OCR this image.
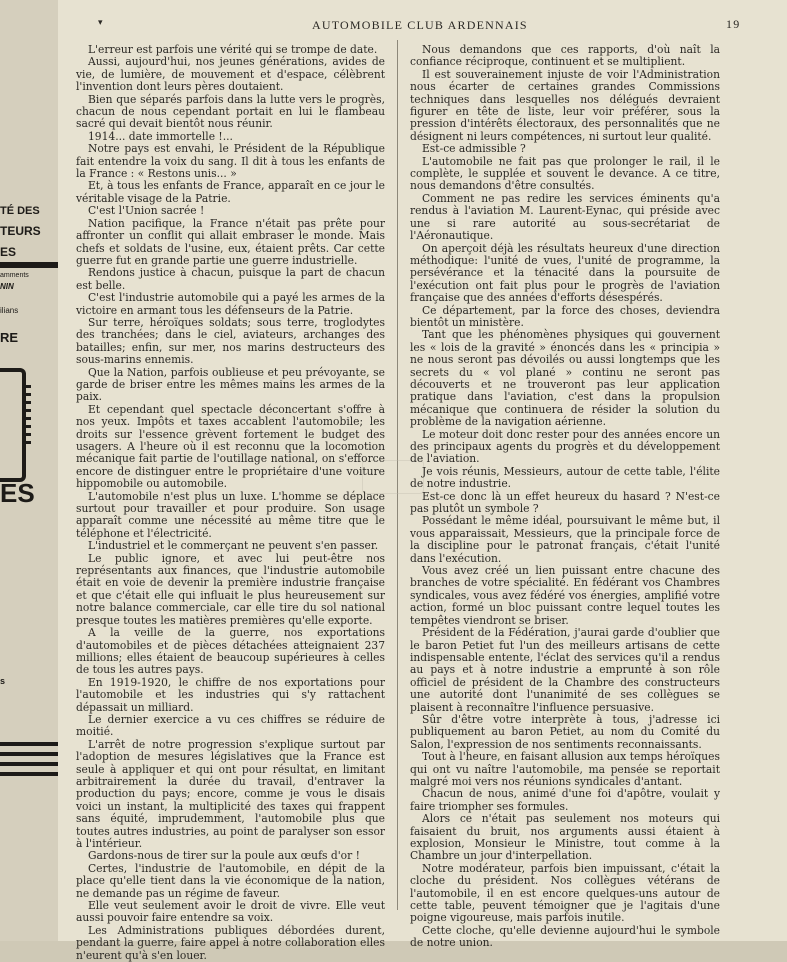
TÉ DES
TEURS
ES
amments
NIN
ilians
RE
ES
s
▾	AUTOMOBILE CLUB ARDENNAIS	19

L'erreur est parfois une vérité qui se trompe de date.

Aussi, aujourd'hui, nos jeunes générations, avides de vie, de lumière, de mouvement et d'espace, célèbrent l'invention dont leurs pères doutaient.

Bien que séparés parfois dans la lutte vers le progrès, chacun de nous cependant portait en lui le flambeau sacré qui devait bientôt nous réunir.

1914... date immortelle !...

Notre pays est envahi, le Président de la République fait entendre la voix du sang. Il dit à tous les enfants de la France : « Restons unis... »

Et, à tous les enfants de France, apparaît en ce jour le véritable visage de la Patrie.

C'est l'Union sacrée !

Nation pacifique, la France n'était pas prête pour affronter un conflit qui allait embraser le monde. Mais chefs et soldats de l'usine, eux, étaient prêts. Car cette guerre fut en grande partie une guerre industrielle.

Rendons justice à chacun, puisque la part de chacun est belle.

C'est l'industrie automobile qui a payé les armes de la victoire en armant tous les défenseurs de la Patrie.

Sur terre, héroïques soldats; sous terre, troglodytes des tranchées; dans le ciel, aviateurs, archanges des batailles; enfin, sur mer, nos marins destructeurs des sous-marins ennemis.

Que la Nation, parfois oublieuse et peu prévoyante, se garde de briser entre les mêmes mains les armes de la paix.

Et cependant quel spectacle déconcertant s'offre à nos yeux. Impôts et taxes accablent l'automobile; les droits sur l'essence grèvent fortement le budget des usagers. A l'heure où il est reconnu que la locomotion mécanique fait partie de l'outillage national, on s'efforce encore de distinguer entre le propriétaire d'une voiture hippomobile ou automobile.

L'automobile n'est plus un luxe. L'homme se déplace surtout pour travailler et pour produire. Son usage apparaît comme une nécessité au même titre que le téléphone et l'électricité.

L'industriel et le commerçant ne peuvent s'en passer.

Le public ignore, et avec lui peut-être nos représentants aux finances, que l'industrie automobile était en voie de devenir la première industrie française et que c'était elle qui influait le plus heureusement sur notre balance commerciale, car elle tire du sol national presque toutes les matières premières qu'elle exporte.

A la veille de la guerre, nos exportations d'automobiles et de pièces détachées atteignaient 237 millions; elles étaient de beaucoup supérieures à celles de tous les autres pays.

En 1919-1920, le chiffre de nos exportations pour l'automobile et les industries qui s'y rattachent dépassait un milliard.

Le dernier exercice a vu ces chiffres se réduire de moitié.

L'arrêt de notre progression s'explique surtout par l'adoption de mesures législatives que la France est seule à appliquer et qui ont pour résultat, en limitant arbitrairement la durée du travail, d'entraver la production du pays; encore, comme je vous le disais voici un instant, la multiplicité des taxes qui frappent sans équité, imprudemment, l'automobile plus que toutes autres industries, au point de paralyser son essor à l'intérieur.

Gardons-nous de tirer sur la poule aux œufs d'or !

Certes, l'industrie de l'automobile, en dépit de la place qu'elle tient dans la vie économique de la nation, ne demande pas un régime de faveur.

Elle veut seulement avoir le droit de vivre. Elle veut aussi pouvoir faire entendre sa voix.

Les Administrations publiques débordées durent, pendant la guerre, faire appel à notre collaboration elles n'eurent qu'à s'en louer.

Nous demandons que ces rapports, d'où naît la confiance réciproque, continuent et se multiplient.

Il est souverainement injuste de voir l'Administration nous écarter de certaines grandes Commissions techniques dans lesquelles nos délégués devraient figurer en tête de liste, leur voir préférer, sous la pression d'intérêts électoraux, des personnalités que ne désignent ni leurs compétences, ni surtout leur qualité.

Est-ce admissible ?

L'automobile ne fait pas que prolonger le rail, il le complète, le supplée et souvent le devance. A ce titre, nous demandons d'être consultés.

Comment ne pas redire les services éminents qu'a rendus à l'aviation M. Laurent-Eynac, qui préside avec une si rare autorité au sous-secrétariat de l'Aéronautique.

On aperçoit déjà les résultats heureux d'une direction méthodique: l'unité de vues, l'unité de programme, la persévérance et la ténacité dans la poursuite de l'exécution ont fait plus pour le progrès de l'aviation française que des années d'efforts désespérés.

Ce département, par la force des choses, deviendra bientôt un ministère.

Tant que les phénomènes physiques qui gouvernent les « lois de la gravité » énoncés dans les « principia » ne nous seront pas dévoilés ou aussi longtemps que les secrets du « vol plané » continu ne seront pas découverts et ne trouveront pas leur application pratique dans l'aviation, c'est dans la propulsion mécanique que continuera de résider la solution du problème de la navigation aérienne.

Le moteur doit donc rester pour des années encore un des principaux agents du progrès et du développement de l'aviation.

Je vois réunis, Messieurs, autour de cette table, l'élite de notre industrie.

Est-ce donc là un effet heureux du hasard ? N'est-ce pas plutôt un symbole ?

Possédant le même idéal, poursuivant le même but, il vous apparaissait, Messieurs, que la principale force de la discipline pour le patronat français, c'était l'unité dans l'exécution.

Vous avez créé un lien puissant entre chacune des branches de votre spécialité. En fédérant vos Chambres syndicales, vous avez fédéré vos énergies, amplifié votre action, formé un bloc puissant contre lequel toutes les tempêtes viendront se briser.

Président de la Fédération, j'aurai garde d'oublier que le baron Petiet fut l'un des meilleurs artisans de cette indispensable entente, l'éclat des services qu'il a rendus au pays et à notre industrie a emprunté à son rôle officiel de président de la Chambre des constructeurs une autorité dont l'unanimité de ses collègues se plaisent à reconnaître l'influence persuasive.

Sûr d'être votre interprète à tous, j'adresse ici publiquement au baron Petiet, au nom du Comité du Salon, l'expression de nos sentiments reconnaissants.

Tout à l'heure, en faisant allusion aux temps héroïques qui ont vu naître l'automobile, ma pensée se reportait malgré moi vers nos réunions syndicales d'antant.

Chacun de nous, animé d'une foi d'apôtre, voulait y faire triompher ses formules.

Alors ce n'était pas seulement nos moteurs qui faisaient du bruit, nos arguments aussi étaient à explosion, Monsieur le Ministre, tout comme à la Chambre un jour d'interpellation.

Notre modérateur, parfois bien impuissant, c'était la cloche du président. Nos collègues vétérans de l'automobile, il en est encore quelques-uns autour de cette table, peuvent témoigner que je l'agitais d'une poigne vigoureuse, mais parfois inutile.

Cette cloche, qu'elle devienne aujourd'hui le symbole de notre union.
